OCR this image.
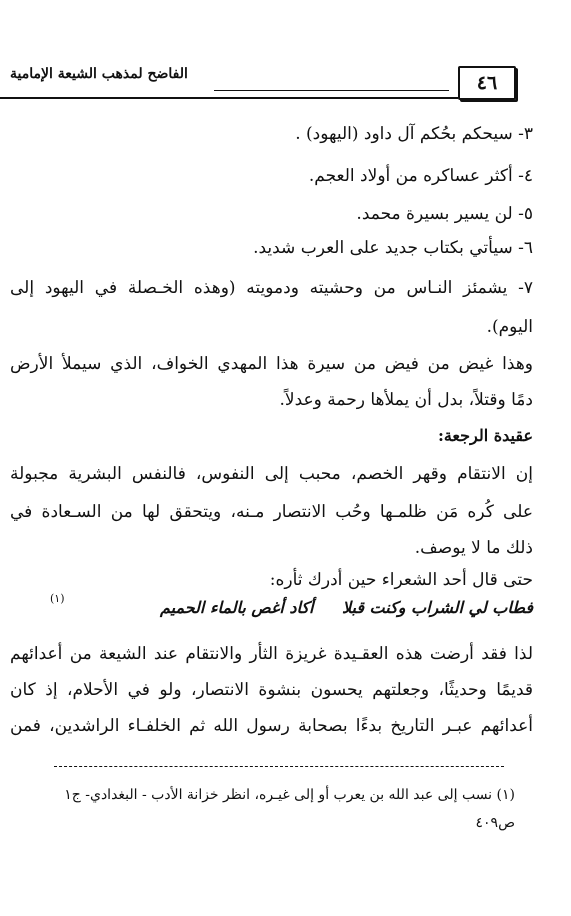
٤٦
الفاضح لمذهب الشيعة الإمامية
٣- سيحكم بحُكم آل داود (اليهود) .
٤- أكثر عساكره من أولاد العجم.
٥- لن يسير بسيرة محمد.
٦- سيأتي بكتاب جديد على العرب شديد.
٧- يشمئز النـاس من وحشيته ودمويته (وهذه الخـصلة في اليهود إلى
اليوم).
وهذا غيض من فيض من سيرة هذا المهدي الخواف، الذي سيملأ الأرض
دمًا وقتلاً، بدل أن يملأها رحمة وعدلاً.
عقيدة الرجعة:
إن الانتقام وقهر الخصم، محبب إلى النفوس، فالنفس البشرية مجبولة
على كُره مَن ظلمـها وحُب الانتصار مـنه، ويتحقق لها من السـعادة في
ذلك ما لا يوصف.
حتى قال أحد الشعراء حين أدرك ثأره:
فطاب لي الشراب وكنت قبلا
أكاد أغص بالماء الحميم
(١)
لذا فقد أرضت هذه العقـيدة غريزة الثأر والانتقام عند الشيعة من أعدائهم
قديمًا وحديثًا، وجعلتهم يحسون بنشوة الانتصار، ولو في الأحلام، إذ كان
أعدائهم عبـر التاريخ بدءًا بصحابة رسول الله ثم الخلفـاء الراشدين، فمن
(١) نسب إلى عبد الله بن يعرب أو إلى غيـره، انظر خزانة الأدب - البغدادي- ج١
ص٤٠٩
